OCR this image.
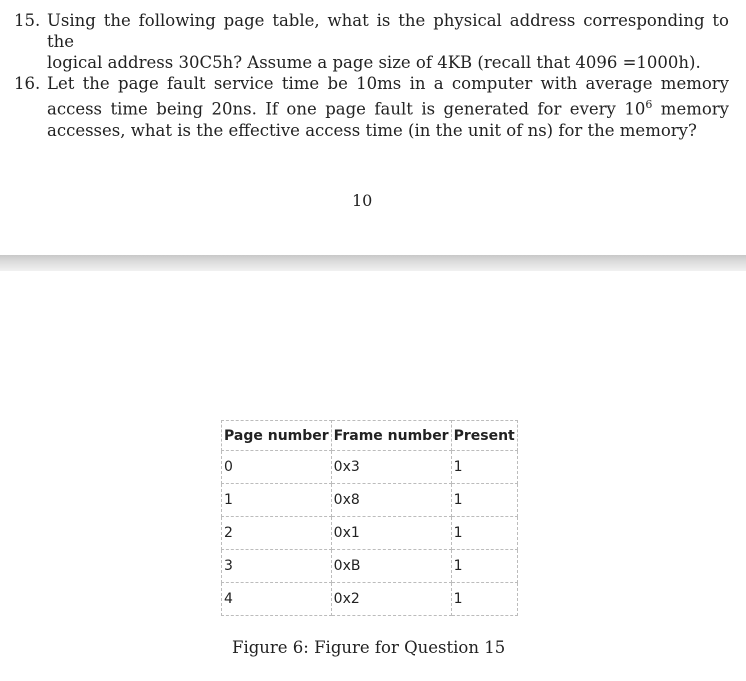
15. Using the following page table, what is the physical address corresponding to the
logical address 30C5h? Assume a page size of 4KB (recall that 4096 =1000h).
16. Let the page fault service time be 10ms in a computer with average memory access time being 20ns. If one page fault is generated for every $10^6$ memory accesses, what is the effective access time (in the unit of ns) for the memory?
10
Page number	Frame number	Present
0	0x3	1
1	0x8	1
2	0x1	1
3	0xB	1
4	0x2	1
Figure 6: Figure for Question 15
